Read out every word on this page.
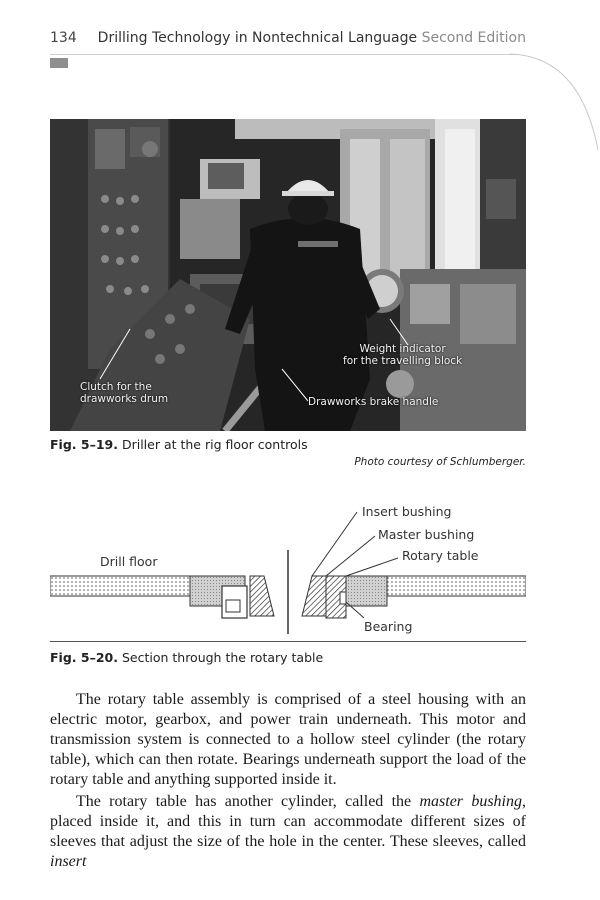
134 Drilling Technology in Nontechnical Language Second Edition
Weight indicator
for the travelling block
Clutch for the
drawworks drum	Drawworks brake handle
Fig. 5–19. Driller at the rig floor controls
Photo courtesy of Schlumberger.
Insert bushing
Master bushing
Rotary table
Drill floor
Bearing
Fig. 5–20. Section through the rotary table

The rotary table assembly is comprised of a steel housing with an electric motor, gearbox, and power train underneath. This motor and transmission system is connected to a hollow steel cylinder (the rotary table), which can then rotate. Bearings underneath support the load of the rotary table and anything supported inside it.

The rotary table has another cylinder, called the master bushing, placed inside it, and this in turn can accommodate different sizes of sleeves that adjust the size of the hole in the center. These sleeves, called insert
